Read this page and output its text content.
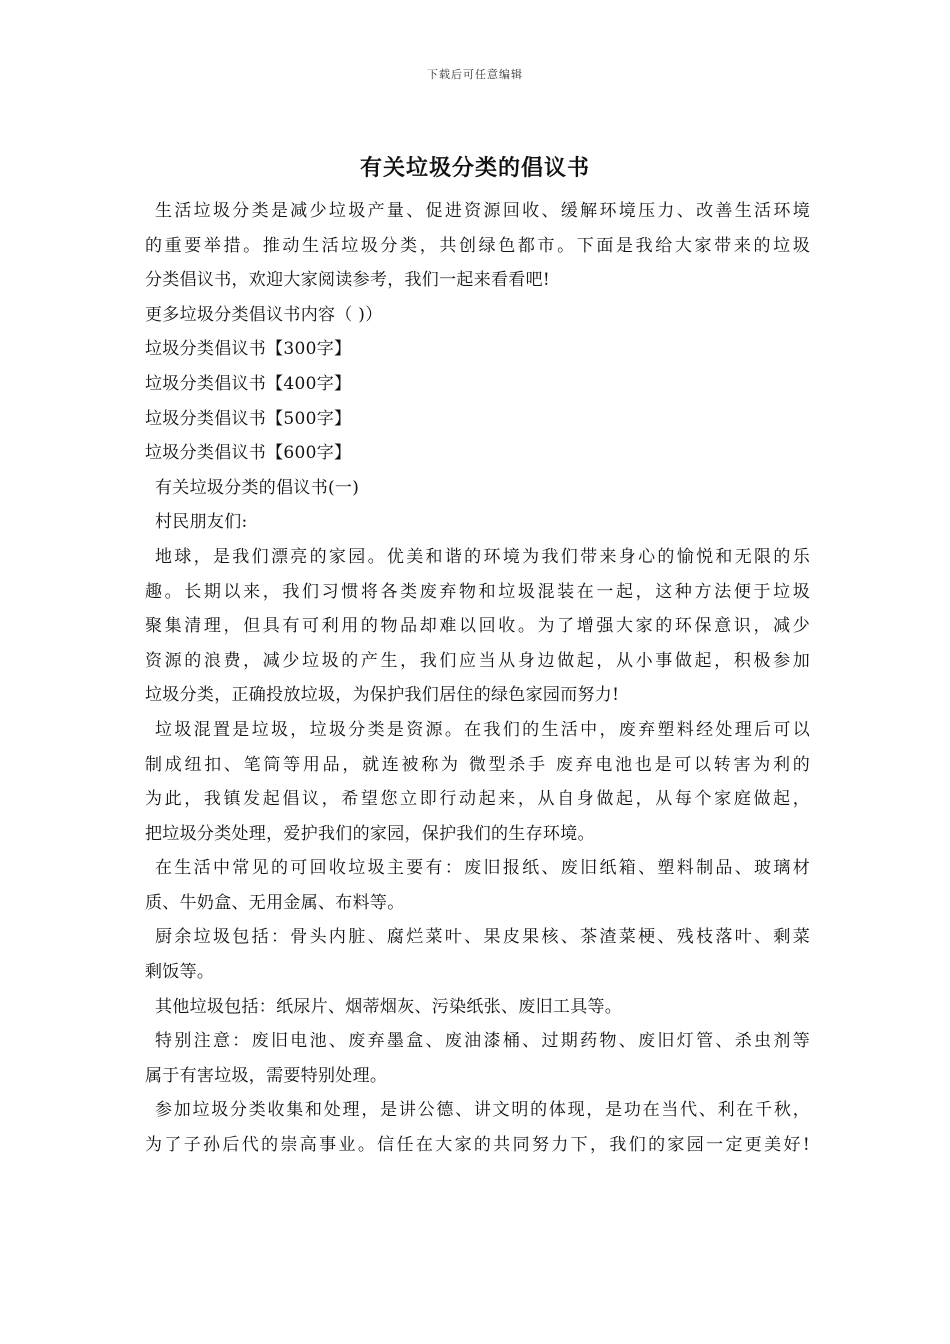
下载后可任意编辑
有关垃圾分类的倡议书
生活垃圾分类是减少垃圾产量、促进资源回收、缓解环境压力、改善生活环境
的重要举措。推动生活垃圾分类，共创绿色都市。下面是我给大家带来的垃圾
分类倡议书，欢迎大家阅读参考，我们一起来看看吧!
更多垃圾分类倡议书内容（ )）
垃圾分类倡议书【300字】
垃圾分类倡议书【400字】
垃圾分类倡议书【500字】
垃圾分类倡议书【600字】
有关垃圾分类的倡议书(一)
村民朋友们:
地球，是我们漂亮的家园。优美和谐的环境为我们带来身心的愉悦和无限的乐
趣。长期以来，我们习惯将各类废弃物和垃圾混装在一起，这种方法便于垃圾
聚集清理，但具有可利用的物品却难以回收。为了增强大家的环保意识，减少
资源的浪费，减少垃圾的产生，我们应当从身边做起，从小事做起，积极参加
垃圾分类，正确投放垃圾，为保护我们居住的绿色家园而努力!
垃圾混置是垃圾，垃圾分类是资源。在我们的生活中，废弃塑料经处理后可以
制成纽扣、笔筒等用品，就连被称为 微型杀手 废弃电池也是可以转害为利的
为此，我镇发起倡议，希望您立即行动起来，从自身做起，从每个家庭做起，
把垃圾分类处理，爱护我们的家园，保护我们的生存环境。
在生活中常见的可回收垃圾主要有：废旧报纸、废旧纸箱、塑料制品、玻璃材
质、牛奶盒、无用金属、布料等。
厨余垃圾包括：骨头内脏、腐烂菜叶、果皮果核、茶渣菜梗、残枝落叶、剩菜
剩饭等。
其他垃圾包括：纸尿片、烟蒂烟灰、污染纸张、废旧工具等。
特别注意：废旧电池、废弃墨盒、废油漆桶、过期药物、废旧灯管、杀虫剂等
属于有害垃圾，需要特别处理。
参加垃圾分类收集和处理，是讲公德、讲文明的体现，是功在当代、利在千秋，
为了子孙后代的崇高事业。信任在大家的共同努力下，我们的家园一定更美好!
